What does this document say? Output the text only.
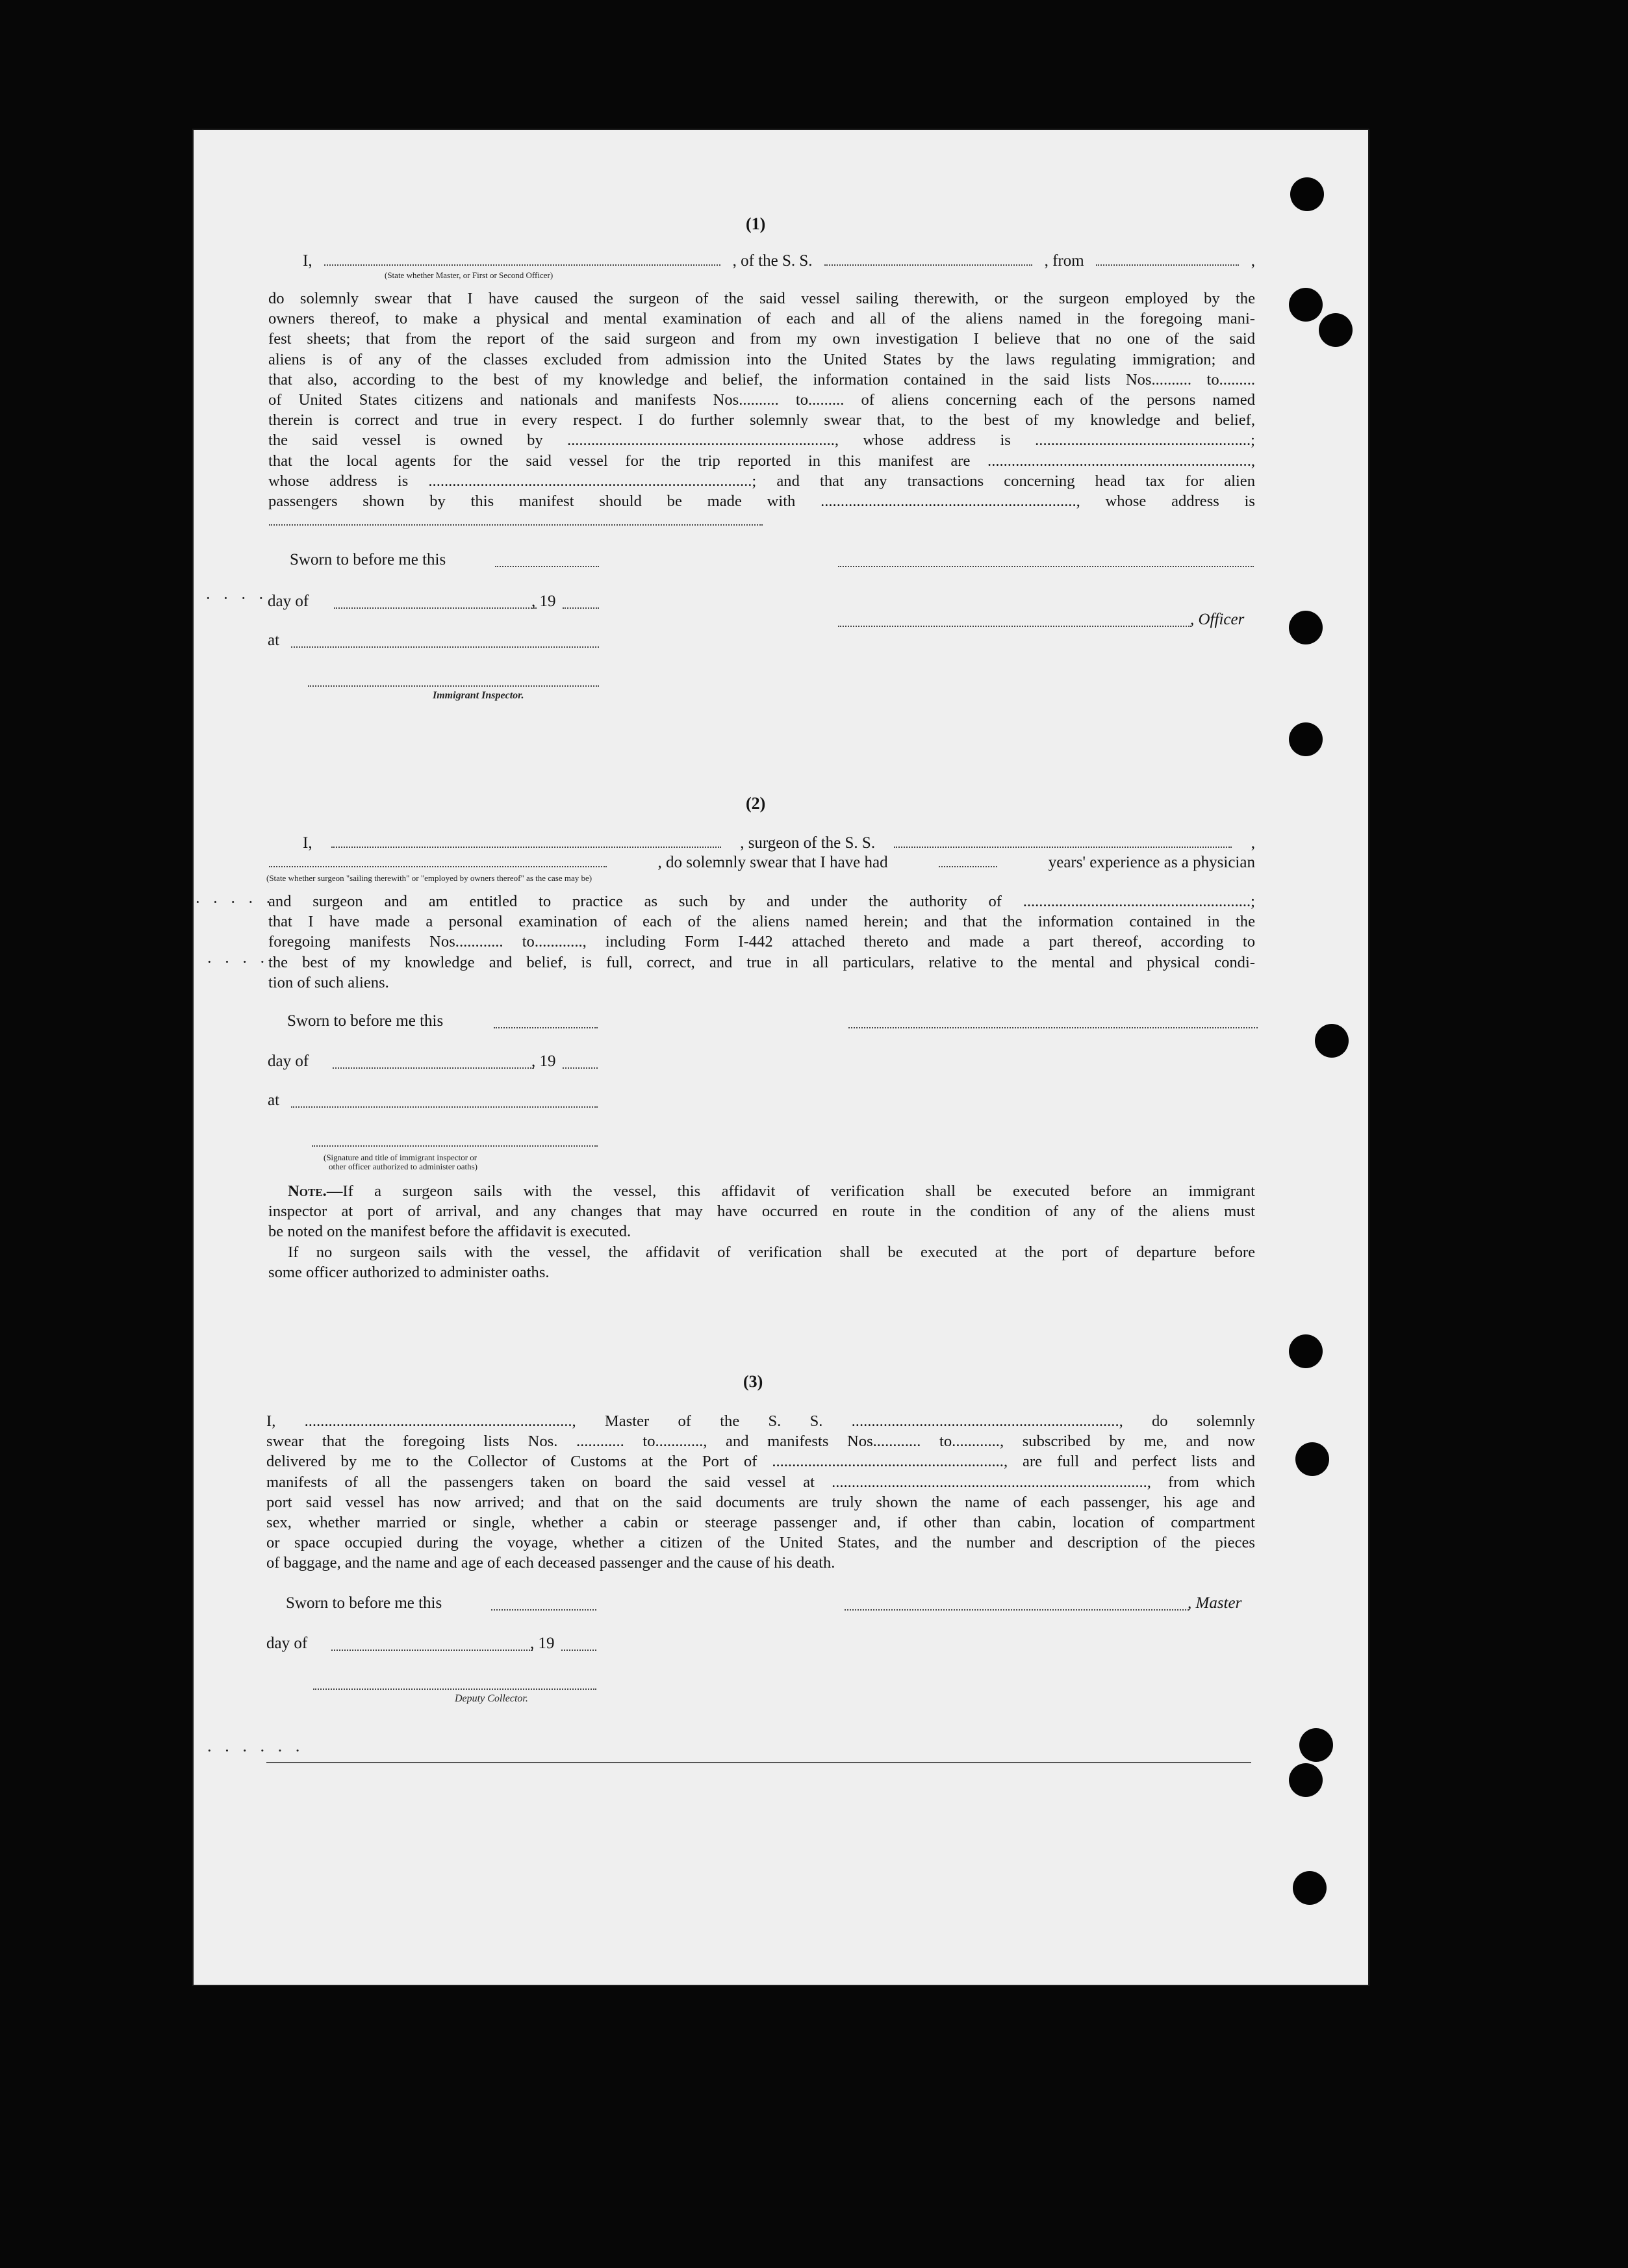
(1)
I,	, of the S. S.	, from	,
(State whether Master, or First or Second Officer)
do solemnly swear that I have caused the surgeon of the said vessel sailing therewith, or the surgeon employed by the
owners thereof, to make a physical and mental examination of each and all of the aliens named in the foregoing mani-
fest sheets; that from the report of the said surgeon and from my own investigation I believe that no one of the said
aliens is of any of the classes excluded from admission into the United States by the laws regulating immigration; and
that also, according to the best of my knowledge and belief, the information contained in the said lists Nos.......... to.........
of United States citizens and nationals and manifests Nos.......... to......... of aliens concerning each of the persons named
therein is correct and true in every respect. I do further solemnly swear that, to the best of my knowledge and belief,
the said vessel is owned by ..................................................................., whose address is ......................................................;
that the local agents for the said vessel for the trip reported in this manifest are ..................................................................,
whose address is .................................................................................; and that any transactions concerning head tax for alien
passengers shown by this manifest should be made with ................................................................, whose address is
Sworn to before me this
day of	, 19
· · · ·
at
, Officer
Immigrant Inspector.
(2)
I,	, surgeon of the S. S.	,
, do solemnly swear that I have had	years' experience as a physician
(State whether surgeon "sailing therewith" or "employed by owners thereof" as the case may be)
and surgeon and am entitled to practice as such by and under the authority of .........................................................;
that I have made a personal examination of each of the aliens named herein; and that the information contained in the
foregoing manifests Nos............ to............, including Form I-442 attached thereto and made a part thereof, according to
the best of my knowledge and belief, is full, correct, and true in all particulars, relative to the mental and physical condi-
tion of such aliens.
· · · · ·
· · · ·
Sworn to before me this
day of	, 19
at
(Signature and title of immigrant inspector or
other officer authorized to administer oaths)
Note.—If a surgeon sails with the vessel, this affidavit of verification shall be executed before an immigrant
inspector at port of arrival, and any changes that may have occurred en route in the condition of any of the aliens must
be noted on the manifest before the affidavit is executed.
If no surgeon sails with the vessel, the affidavit of verification shall be executed at the port of departure before
some officer authorized to administer oaths.
(3)
I, ..................................................................., Master of the S. S. ..................................................................., do solemnly
swear that the foregoing lists Nos. ............ to............, and manifests Nos............ to............, subscribed by me, and now
delivered by me to the Collector of Customs at the Port of .........................................................., are full and perfect lists and
manifests of all the passengers taken on board the said vessel at ..............................................................................., from which
port said vessel has now arrived; and that on the said documents are truly shown the name of each passenger, his age and
sex, whether married or single, whether a cabin or steerage passenger and, if other than cabin, location of compartment
or space occupied during the voyage, whether a citizen of the United States, and the number and description of the pieces
of baggage, and the name and age of each deceased passenger and the cause of his death.
Sworn to before me this	, Master
day of	, 19
Deputy Collector.
· · · · · ·
